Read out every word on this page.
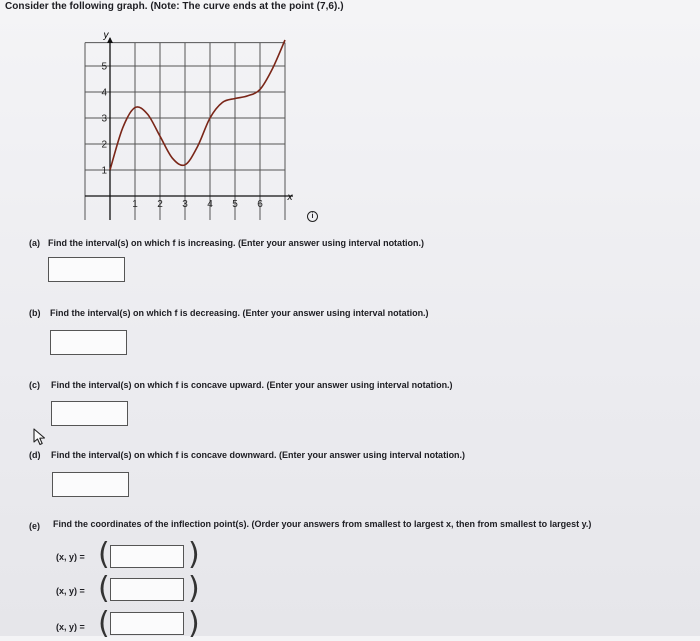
Consider the following graph. (Note: The curve ends at the point (7,6).)
1 2 3 4 5 6
1
2
3
4
5
y
x
i
(a) Find the interval(s) on which f is increasing. (Enter your answer using interval notation.)
(b) Find the interval(s) on which f is decreasing. (Enter your answer using interval notation.)
(c) Find the interval(s) on which f is concave upward. (Enter your answer using interval notation.)
(d) Find the interval(s) on which f is concave downward. (Enter your answer using interval notation.)
(e) Find the coordinates of the inflection point(s). (Order your answers from smallest to largest x, then from smallest to largest y.)
(x, y) = (	)
(x, y) = (	)
(x, y) = (	)
